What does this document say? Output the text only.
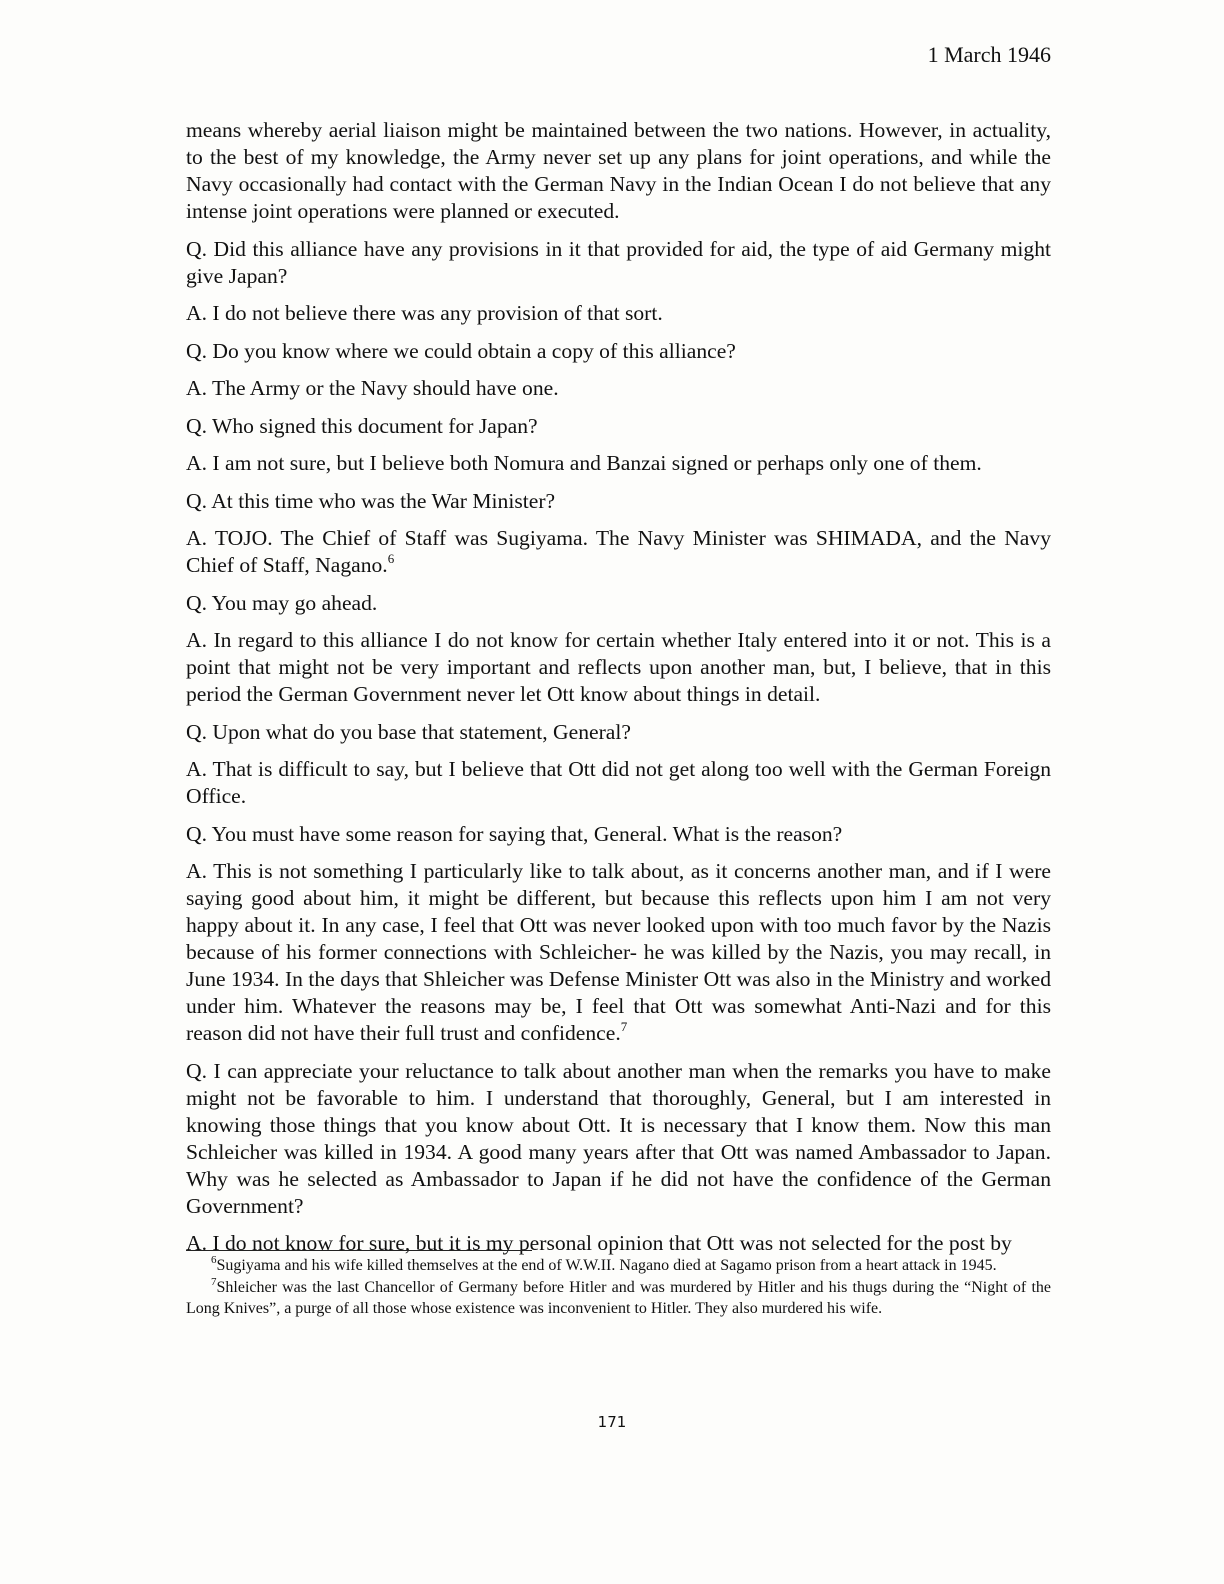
1 March 1946

means whereby aerial liaison might be maintained between the two nations. However, in actuality, to the best of my knowledge, the Army never set up any plans for joint operations, and while the Navy occasionally had contact with the German Navy in the Indian Ocean I do not believe that any intense joint operations were planned or executed.

Q. Did this alliance have any provisions in it that provided for aid, the type of aid Germany might give Japan?

A. I do not believe there was any provision of that sort.

Q. Do you know where we could obtain a copy of this alliance?

A. The Army or the Navy should have one.

Q. Who signed this document for Japan?

A. I am not sure, but I believe both Nomura and Banzai signed or perhaps only one of them.

Q. At this time who was the War Minister?

A. TOJO. The Chief of Staff was Sugiyama. The Navy Minister was SHIMADA, and the Navy Chief of Staff, Nagano.$^6$

Q. You may go ahead.

A. In regard to this alliance I do not know for certain whether Italy entered into it or not. This is a point that might not be very important and reflects upon another man, but, I believe, that in this period the German Government never let Ott know about things in detail.

Q. Upon what do you base that statement, General?

A. That is difficult to say, but I believe that Ott did not get along too well with the German Foreign Office.

Q. You must have some reason for saying that, General. What is the reason?

A. This is not something I particularly like to talk about, as it concerns another man, and if I were saying good about him, it might be different, but because this reflects upon him I am not very happy about it. In any case, I feel that Ott was never looked upon with too much favor by the Nazis because of his former connections with Schleicher- he was killed by the Nazis, you may recall, in June 1934. In the days that Shleicher was Defense Minister Ott was also in the Ministry and worked under him. Whatever the reasons may be, I feel that Ott was somewhat Anti-Nazi and for this reason did not have their full trust and confidence.$^7$

Q. I can appreciate your reluctance to talk about another man when the remarks you have to make might not be favorable to him. I understand that thoroughly, General, but I am interested in knowing those things that you know about Ott. It is necessary that I know them. Now this man Schleicher was killed in 1934. A good many years after that Ott was named Ambassador to Japan. Why was he selected as Ambassador to Japan if he did not have the confidence of the German Government?

A. I do not know for sure, but it is my personal opinion that Ott was not selected for the post by

$^6$Sugiyama and his wife killed themselves at the end of W.W.II. Nagano died at Sagamo prison from a heart attack in 1945.

$^7$Shleicher was the last Chancellor of Germany before Hitler and was murdered by Hitler and his thugs during the “Night of the Long Knives”, a purge of all those whose existence was inconvenient to Hitler. They also murdered his wife.

171
